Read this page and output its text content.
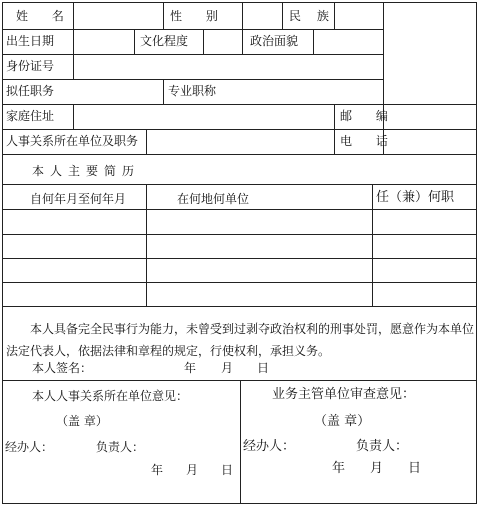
姓 名	性 别	民 族
出生日期	文化程度	政治面貌
身份证号
拟任职务	专业职称
家庭住址	邮 编
人事关系所在单位及职务	电 话
本人主要简历
自何年月至何年月	在何地何单位	任（兼）何职
本人具备完全民事行为能力，未曾受到过剥夺政治权利的刑事处罚，愿意作为本单位法定代表人，依据法律和章程的规定，行使权利，承担义务。
本人签名：	年 月 日
本人人事关系所在单位意见：
（盖 章）
经办人：	负责人：
年 月 日
业务主管单位审查意见：
（盖 章）
经办人：	负责人：
年 月 日
